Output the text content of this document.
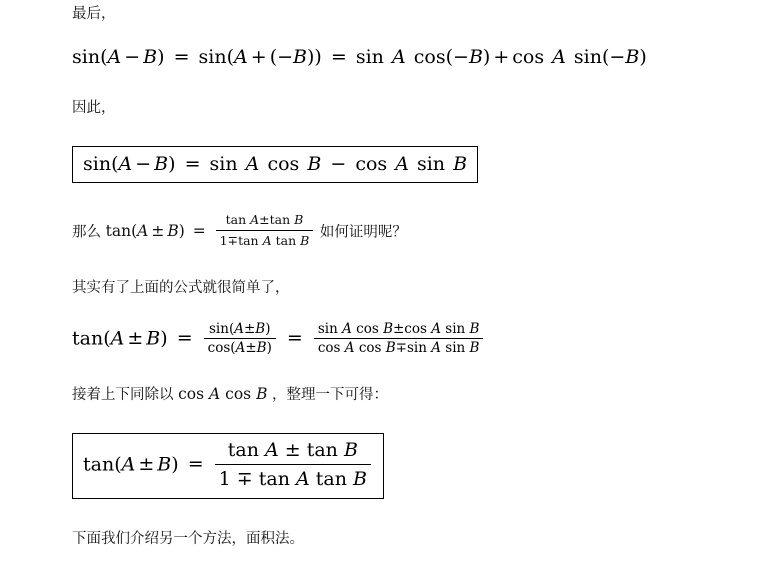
最后，

sin(A − B) = sin(A + (−B)) = sin A cos(−B) + cos A sin(−B)

因此，

sin(A − B) = sin A cos B − cos A sin B

那么 $\tan(A \pm B) = \frac{\text{tan A±tan B}}{\text{1∓tan A tan B}}$ 如何证明呢？

其实有了上面的公式就很简单了，

$\tan(A \pm B) = \frac{\sin(A\pm B)}{\cos(A\pm B)} = \frac{\text{sin A cos B±cos A sin B}}{\text{cos A cos B∓sin A sin B}}$

接着上下同除以 cos A cos B ，整理一下可得：

$\tan(A \pm B) = \frac{\text{tan A ± tan B}}{\text{1 ∓ tan A tan B}}$

下面我们介绍另一个方法，面积法。
